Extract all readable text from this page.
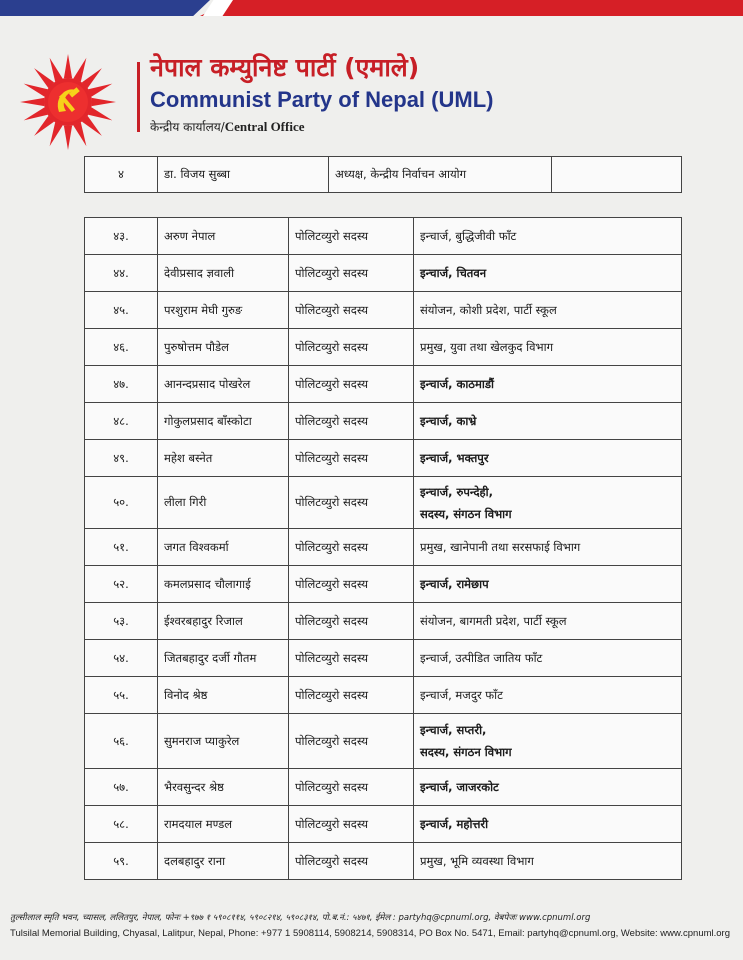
नेपाल कम्युनिष्ट पार्टी (एमाले)
Communist Party of Nepal (UML)
केन्द्रीय कार्यालय/Central Office
४	डा. विजय सुब्बा	अध्यक्ष, केन्द्रीय निर्वाचन आयोग	
४३.	अरुण नेपाल	पोलिटव्युरो सदस्य	इन्चार्ज, बुद्धिजीवी फाँट

४४.	देवीप्रसाद ज्ञवाली	पोलिटव्युरो सदस्य	इन्चार्ज, चितवन

४५.	परशुराम मेघी गुरुङ	पोलिटव्युरो सदस्य	संयोजन, कोशी प्रदेश, पार्टी स्कूल

४६.	पुरुषोत्तम पौडेल	पोलिटव्युरो सदस्य	प्रमुख, युवा तथा खेलकुद विभाग

४७.	आनन्दप्रसाद पोखरेल	पोलिटव्युरो सदस्य	इन्चार्ज, काठमाडौं

४८.	गोकुलप्रसाद बाँस्कोटा	पोलिटव्युरो सदस्य	इन्चार्ज, काभ्रे

४९.	महेश बस्नेत	पोलिटव्युरो सदस्य	इन्चार्ज, भक्तपुर

५०.	लीला गिरी	पोलिटव्युरो सदस्य	इन्चार्ज, रुपन्देही,
सदस्य, संगठन विभाग

५१.	जगत विश्वकर्मा	पोलिटव्युरो सदस्य	प्रमुख, खानेपानी तथा सरसफाई विभाग

५२.	कमलप्रसाद चौलागाई	पोलिटव्युरो सदस्य	इन्चार्ज, रामेछाप

५३.	ईश्वरबहादुर रिजाल	पोलिटव्युरो सदस्य	संयोजन, बागमती प्रदेश, पार्टी स्कूल

५४.	जितबहादुर दर्जी गौतम	पोलिटव्युरो सदस्य	इन्चार्ज, उत्पीडित जातिय फाँट

५५.	विनोद श्रेष्ठ	पोलिटव्युरो सदस्य	इन्चार्ज, मजदुर फाँट

५६.	सुमनराज प्याकुरेल	पोलिटव्युरो सदस्य	इन्चार्ज, सप्तरी,
सदस्य, संगठन विभाग

५७.	भैरवसुन्दर श्रेष्ठ	पोलिटव्युरो सदस्य	इन्चार्ज, जाजरकोट

५८.	रामदयाल मण्डल	पोलिटव्युरो सदस्य	इन्चार्ज, महोत्तरी

५९.	दलबहादुर राना	पोलिटव्युरो सदस्य	प्रमुख, भूमि व्यवस्था विभाग
तुल्सीलाल स्मृति भवन, च्यासल, ललितपुर, नेपाल, फोनः +९७७ १ ५९०८११४, ५९०८२१४, ५९०८३१४, पो.ब.नं.: ५४७१, ईमेल : partyhq@cpnuml.org, वेबपेजः www.cpnuml.org
Tulsilal Memorial Building, Chyasal, Lalitpur, Nepal, Phone: +977 1 5908114, 5908214, 5908314, PO Box No. 5471, Email: partyhq@cpnuml.org, Website: www.cpnuml.org
